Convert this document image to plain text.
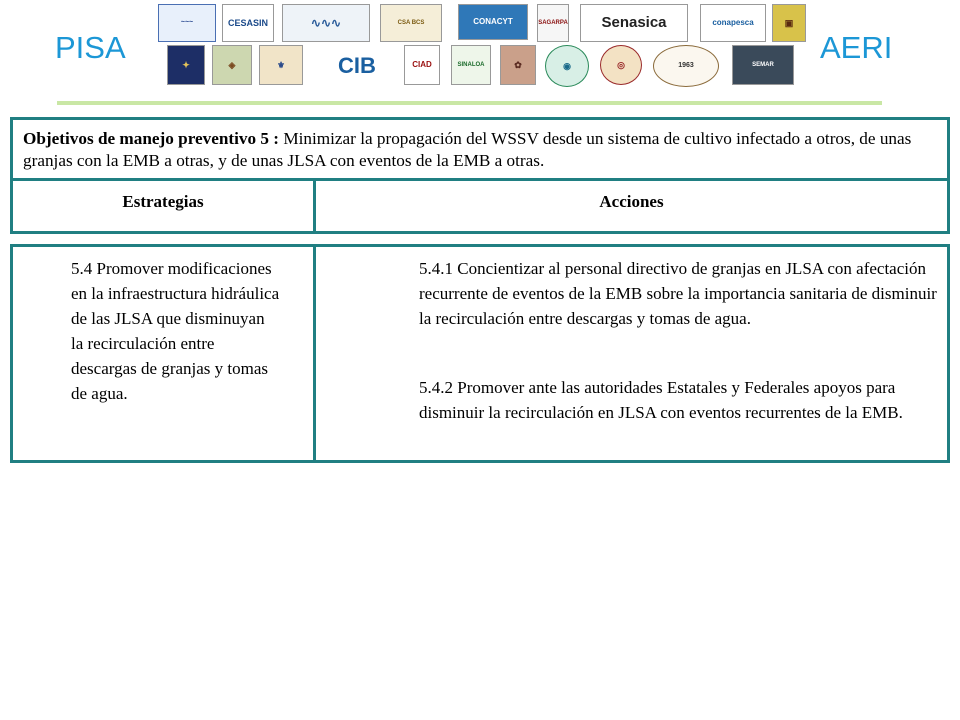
PISA	AERI
~~~	CESASIN	∿∿∿	CSA BCS	CONACYT	SAGARPA Senasica	conapesca	▣
✦	◈	⚜ CIB	CIAD	SINALOA	✿	◉	◎	1963	SEMAR

Objetivos de manejo preventivo 5 : Minimizar la propagación del WSSV desde un sistema de cultivo infectado a otros, de unas granjas con la EMB a otras, y de unas JLSA con eventos de la EMB a otras.

Estrategias	Acciones

5.4 Promover modificaciones en la infraestructura hidráulica de las JLSA que disminuyan la recirculación entre descargas de granjas y tomas de agua.

5.4.1 Concientizar al personal directivo de granjas en JLSA con afectación recurrente de eventos de la EMB sobre la importancia sanitaria de disminuir la recirculación entre descargas y tomas de agua.

5.4.2 Promover ante las autoridades Estatales y Federales apoyos para disminuir la recirculación en JLSA con eventos recurrentes de la EMB.
